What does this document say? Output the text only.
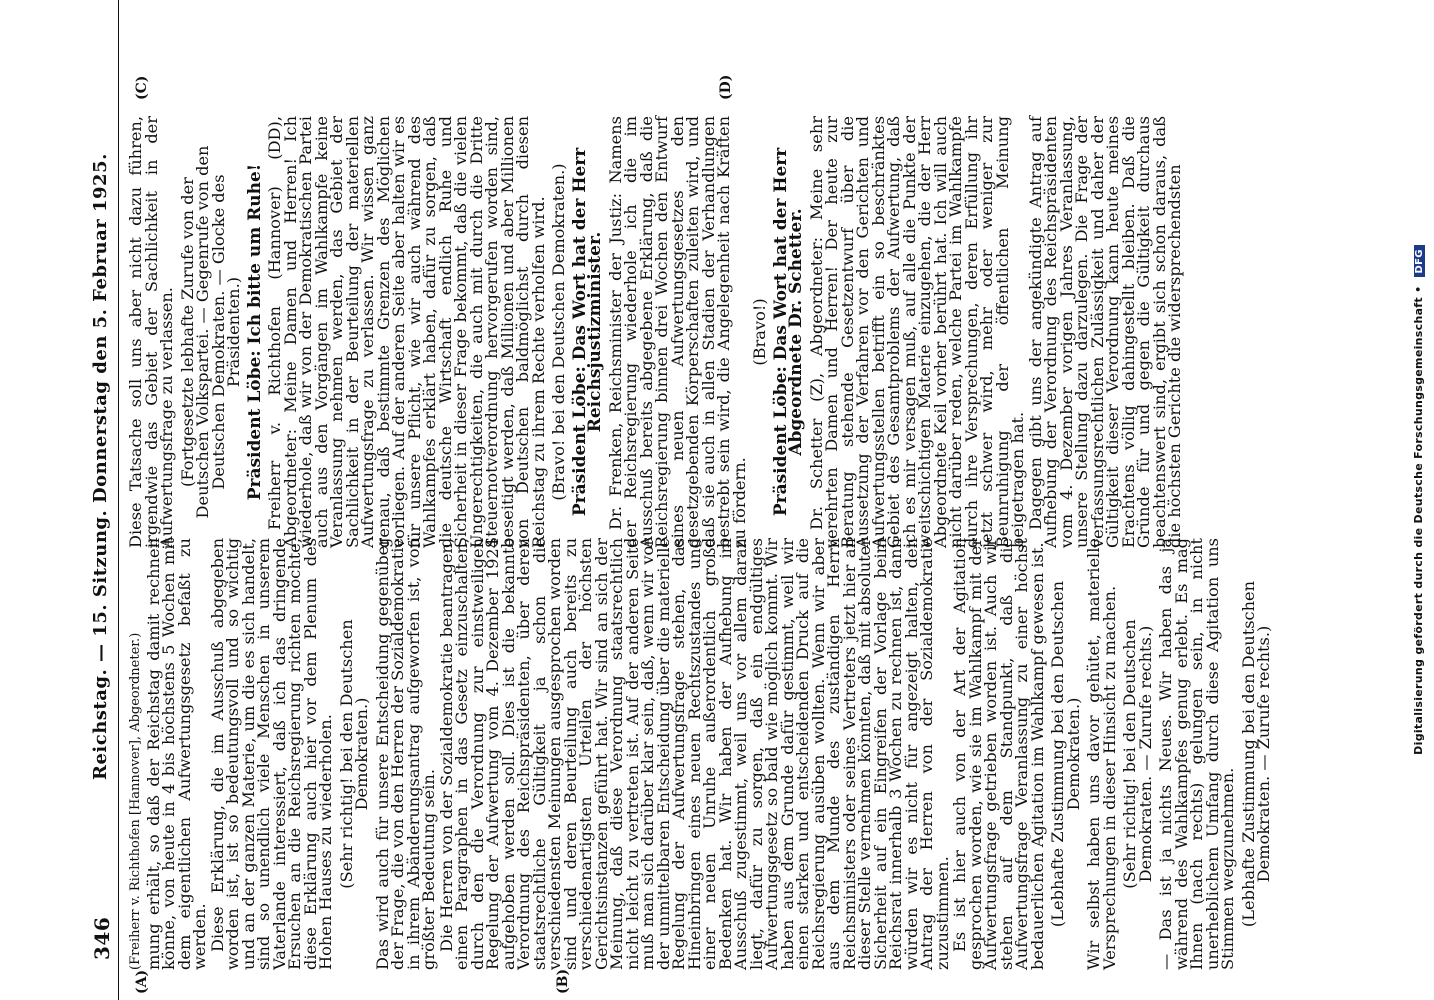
346
Reichstag. — 15. Sitzung. Donnerstag den 5. Februar 1925.
(A)	(B)
(C)	(D)

(Freiherr v. Richthofen [Hannover], Abgeordneter.) mung erhält, so daß der Reichstag damit rechnen könne, von heute in 4 bis höchstens 5 Wochen mit dem eigentlichen Aufwertungsgesetz befaßt zu werden.

Diese Erklärung, die im Ausschuß abgegeben worden ist, ist so bedeutungsvoll und so wichtig und an der ganzen Materie, um die es sich handelt, sind so unendlich viele Menschen in unserem Vaterlande interessiert, daß ich das dringende Ersuchen an die Reichsregierung richten möchte, diese Erklärung auch hier vor dem Plenum des Hohen Hauses zu wiederholen. (Sehr richtig! bei den Deutschen Demokraten.) Das wird auch für unsere Entscheidung gegenüber der Frage, die von den Herren der Sozialdemokratie in ihrem Abänderungsantrag aufgeworfen ist, von größter Bedeutung sein.

Die Herren von der Sozialdemokratie beantragen, einen Paragraphen in das Gesetz einzuschalten, durch den die Verordnung zur einstweiligen Regelung der Aufwertung vom 4. Dezember 1924 aufgehoben werden soll. Dies ist die bekannte Verordnung des Reichspräsidenten, über deren staatsrechtliche Gültigkeit ja schon die verschiedensten Meinungen ausgesprochen worden sind und deren Beurteilung auch bereits zu verschiedenartigsten Urteilen der höchsten Gerichtsinstanzen geführt hat. Wir sind an sich der Meinung, daß diese Verordnung staatsrechtlich nicht leicht zu vertreten ist. Auf der anderen Seite muß man sich darüber klar sein, daß, wenn wir vor der unmittelbaren Entscheidung über die materielle Regelung der Aufwertungsfrage stehen, das Hineinbringen eines neuen Rechtszustandes und einer neuen Unruhe außerordentlich große Bedenken hat. Wir haben der Aufhebung im Ausschuß zugestimmt, weil uns vor allem daran liegt, dafür zu sorgen, daß ein endgültiges Aufwertungsgesetz so bald wie möglich kommt. Wir haben aus dem Grunde dafür gestimmt, weil wir einen starken und entscheidenden Druck auf die Reichsregierung ausüben wollten. Wenn wir aber aus dem Munde des zuständigen Herrn Reichsministers oder seines Vertreters jetzt hier an dieser Stelle vernehmen könnten, daß mit absoluter Sicherheit auf ein Eingreifen der Vorlage beim Reichsrat innerhalb 3 Wochen zu rechnen ist, dann würden wir es nicht für angezeigt halten, den Antrag der Herren von der Sozialdemokratie zuzustimmen.

Es ist hier auch von der Art der Agitation gesprochen worden, wie sie im Wahlkampf mit der Aufwertungsfrage getrieben worden ist. Auch wir stehen auf dem Standpunkt, daß die Aufwertungsfrage Veranlassung zu einer höchst bedauerlichen Agitation im Wahlkampf gewesen ist. (Lebhafte Zustimmung bei den Deutschen Demokraten.) Wir selbst haben uns davor gehütet, materielle Versprechungen in dieser Hinsicht zu machen. (Sehr richtig! bei den Deutschen Demokraten. — Zurufe rechts.) — Das ist ja nichts Neues. Wir haben das ja während des Wahlkampfes genug erlebt. Es mag Ihnen (nach rechts) gelungen sein, in nicht unerheblichem Umfang durch diese Agitation uns Stimmen wegzunehmen. (Lebhafte Zustimmung bei den Deutschen Demokraten. — Zurufe rechts.)

Diese Tatsache soll uns aber nicht dazu führen, irgendwie das Gebiet der Sachlichkeit in der Aufwertungsfrage zu verlassen. (Fortgesetzte lebhafte Zurufe von der Deutschen Volkspartei. — Gegenrufe von den Deutschen Demokraten. — Glocke des Präsidenten.) Präsident Löbe: Ich bitte um Ruhe! Freiherr v. Richthofen (Hannover) (DD), Abgeordneter: Meine Damen und Herren! Ich wiederhole, daß wir von der Demokratischen Partei auch aus den Vorgängen im Wahlkampfe keine Veranlassung nehmen werden, das Gebiet der Sachlichkeit in der Beurteilung der materiellen Aufwertungsfrage zu verlassen. Wir wissen ganz genau, daß bestimmte Grenzen des Möglichen vorliegen. Auf der anderen Seite aber halten wir es für unsere Pflicht, wie wir auch während des Wahlkampfes erklärt haben, dafür zu sorgen, daß die deutsche Wirtschaft endlich Ruhe und Sicherheit in dieser Frage bekommt, daß die vielen Ungerechtigkeiten, die auch mit durch die Dritte Steuernotverordnung hervorgerufen worden sind, beseitigt werden, daß Millionen und aber Millionen von Deutschen baldmöglichst durch diesen Reichstag zu ihrem Rechte verholfen wird. (Bravo! bei den Deutschen Demokraten.) Präsident Löbe: Das Wort hat der Herr Reichsjustizminister. Dr. Frenken, Reichsminister der Justiz: Namens der Reichsregierung wiederhole ich die im Ausschuß bereits abgegebene Erklärung, daß die Reichsregierung binnen drei Wochen den Entwurf eines neuen Aufwertungsgesetzes den gesetzgebenden Körperschaften zuleiten wird, und daß sie auch in allen Stadien der Verhandlungen bestrebt sein wird, die Angelegenheit nach Kräften zu fördern.

(Bravo!) Präsident Löbe: Das Wort hat der Herr Abgeordnete Dr. Schetter. Dr. Schetter (Z), Abgeordneter: Meine sehr verehrten Damen und Herren! Der heute zur Beratung stehende Gesetzentwurf über die Aussetzung der Verfahren vor den Gerichten und Aufwertungsstellen betrifft ein so beschränktes Gebiet des Gesamtproblems der Aufwertung, daß ich es mir versagen muß, auf alle die Punkte der weitschichtigen Materie einzugehen, die der Herr Abgeordnete Keil vorher berührt hat. Ich will auch nicht darüber reden, welche Partei im Wahlkampfe durch ihre Versprechungen, deren Erfüllung ihr jetzt schwer wird, mehr oder weniger zur Beunruhigung der öffentlichen Meinung beigetragen hat.

Dagegen gibt uns der angekündigte Antrag auf Aufhebung der Verordnung des Reichspräsidenten vom 4. Dezember vorigen Jahres Veranlassung, unsere Stellung dazu darzulegen. Die Frage der verfassungsrechtlichen Zulässigkeit und daher der Gültigkeit dieser Verordnung kann heute meines Erachtens völlig dahingestellt bleiben. Daß die Gründe für und gegen die Gültigkeit durchaus beachtenswert sind, ergibt sich schon daraus, daß die höchsten Gerichte die widersprechendsten	Digitalisierung gefördert durch die Deutsche Forschungsgemeinschaft • DFG
